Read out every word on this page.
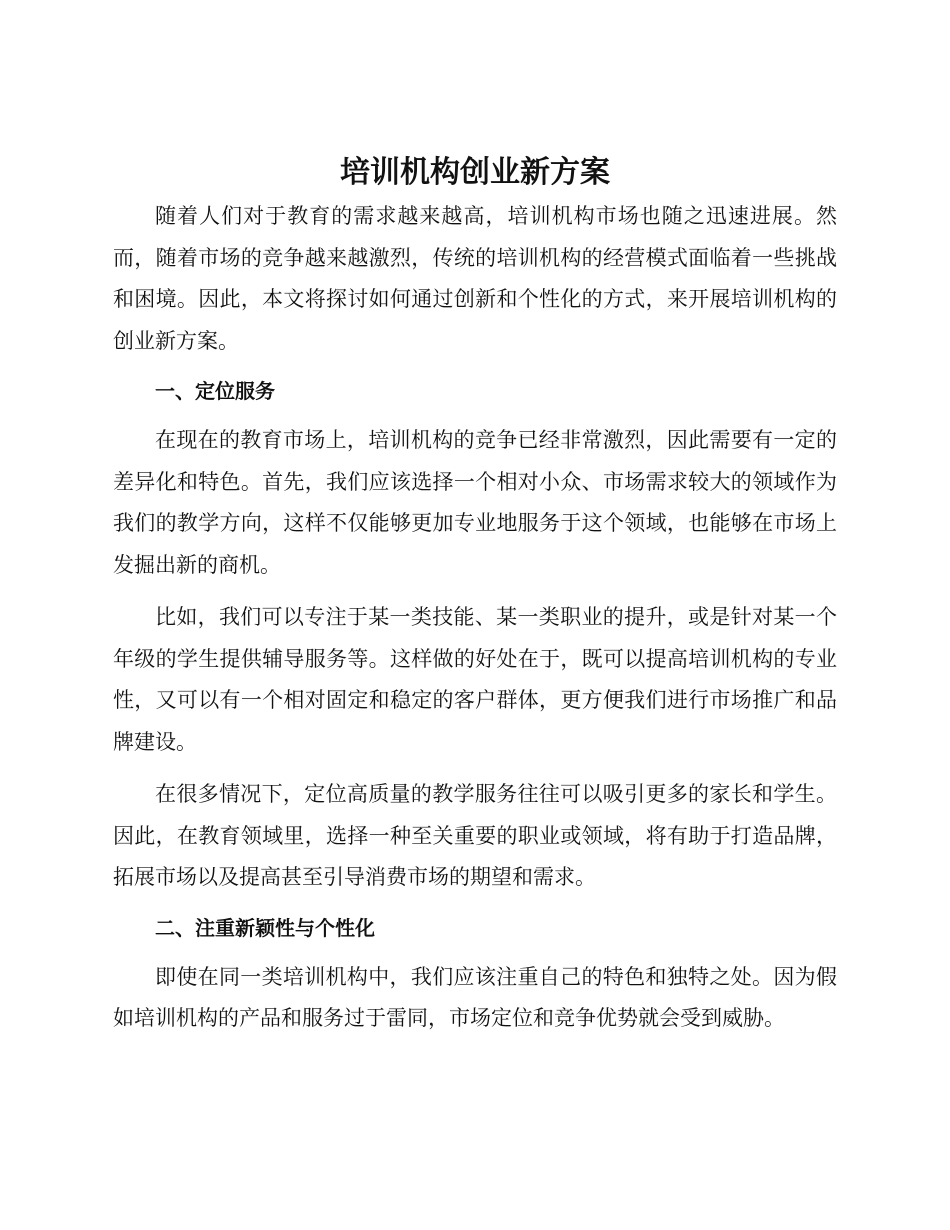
培训机构创业新方案

随着人们对于教育的需求越来越高，培训机构市场也随之迅速进展。然而，随着市场的竞争越来越激烈，传统的培训机构的经营模式面临着一些挑战和困境。因此，本文将探讨如何通过创新和个性化的方式，来开展培训机构的创业新方案。

一、定位服务

在现在的教育市场上，培训机构的竞争已经非常激烈，因此需要有一定的差异化和特色。首先，我们应该选择一个相对小众、市场需求较大的领域作为我们的教学方向，这样不仅能够更加专业地服务于这个领域，也能够在市场上发掘出新的商机。

比如，我们可以专注于某一类技能、某一类职业的提升，或是针对某一个年级的学生提供辅导服务等。这样做的好处在于，既可以提高培训机构的专业性，又可以有一个相对固定和稳定的客户群体，更方便我们进行市场推广和品牌建设。

在很多情况下，定位高质量的教学服务往往可以吸引更多的家长和学生。因此，在教育领域里，选择一种至关重要的职业或领域，将有助于打造品牌，拓展市场以及提高甚至引导消费市场的期望和需求。

二、注重新颖性与个性化

即使在同一类培训机构中，我们应该注重自己的特色和独特之处。因为假如培训机构的产品和服务过于雷同，市场定位和竞争优势就会受到威胁。
